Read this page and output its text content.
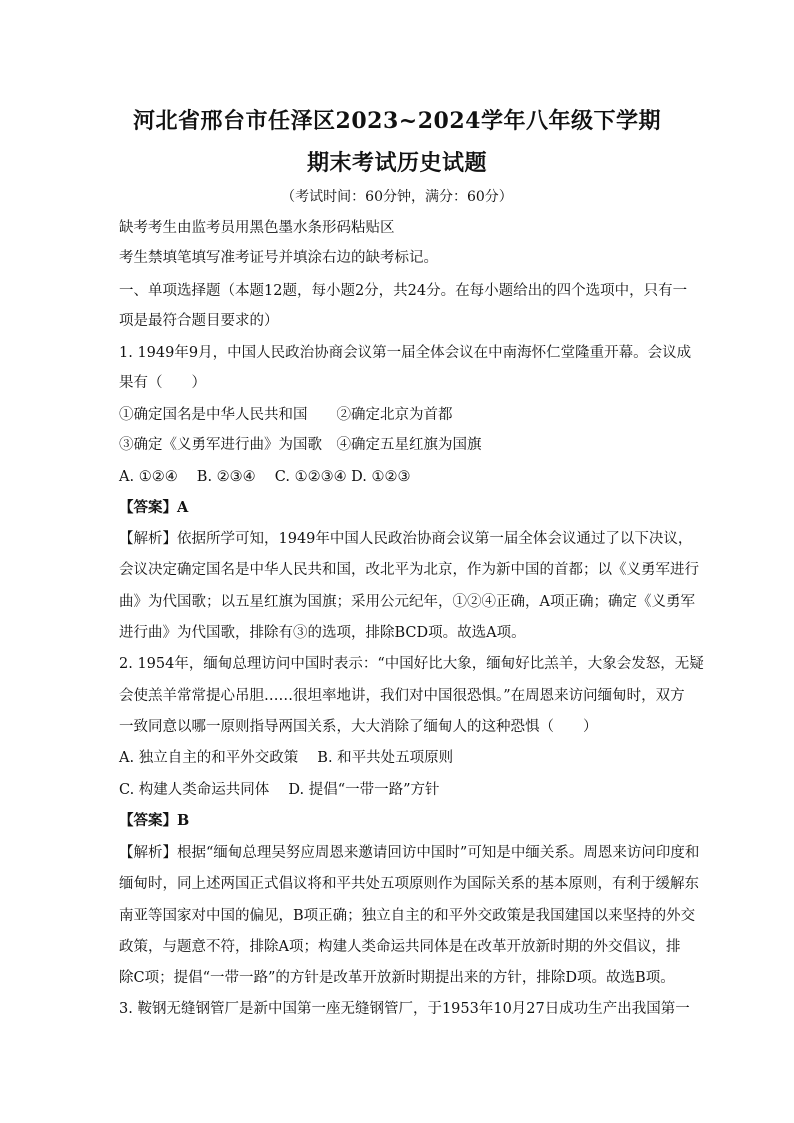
河北省邢台市任泽区2023~2024学年八年级下学期
期末考试历史试题
（考试时间：60分钟，满分：60分）
缺考考生由监考员用黑色墨水条形码粘贴区
考生禁填笔填写准考证号并填涂右边的缺考标记。
一、单项选择题（本题12题，每小题2分，共24分。在每小题给出的四个选项中，只有一
项是最符合题目要求的）
1. 1949年9月，中国人民政治协商会议第一届全体会议在中南海怀仁堂隆重开幕。会议成
果有（　　）
①确定国名是中华人民共和国　　②确定北京为首都
③确定《义勇军进行曲》为国歌　④确定五星红旗为国旗
A. ①②④　 B. ②③④　 C. ①②③④ D. ①②③
【答案】A
【解析】依据所学可知，1949年中国人民政治协商会议第一届全体会议通过了以下决议，
会议决定确定国名是中华人民共和国，改北平为北京，作为新中国的首都；以《义勇军进行
曲》为代国歌；以五星红旗为国旗；采用公元纪年，①②④正确，A项正确；确定《义勇军
进行曲》为代国歌，排除有③的选项，排除BCD项。故选A项。
2. 1954年，缅甸总理访问中国时表示：“中国好比大象，缅甸好比羔羊，大象会发怒，无疑
会使羔羊常常提心吊胆……很坦率地讲，我们对中国很恐惧。”在周恩来访问缅甸时，双方
一致同意以哪一原则指导两国关系，大大消除了缅甸人的这种恐惧（　　）
A. 独立自主的和平外交政策　 B. 和平共处五项原则
C. 构建人类命运共同体　 D. 提倡“一带一路”方针
【答案】B
【解析】根据“缅甸总理吴努应周恩来邀请回访中国时”可知是中缅关系。周恩来访问印度和
缅甸时，同上述两国正式倡议将和平共处五项原则作为国际关系的基本原则，有利于缓解东
南亚等国家对中国的偏见，B项正确；独立自主的和平外交政策是我国建国以来坚持的外交
政策，与题意不符，排除A项；构建人类命运共同体是在改革开放新时期的外交倡议，排
除C项；提倡“一带一路”的方针是改革开放新时期提出来的方针，排除D项。故选B项。
3. 鞍钢无缝钢管厂是新中国第一座无缝钢管厂，于1953年10月27日成功生产出我国第一
